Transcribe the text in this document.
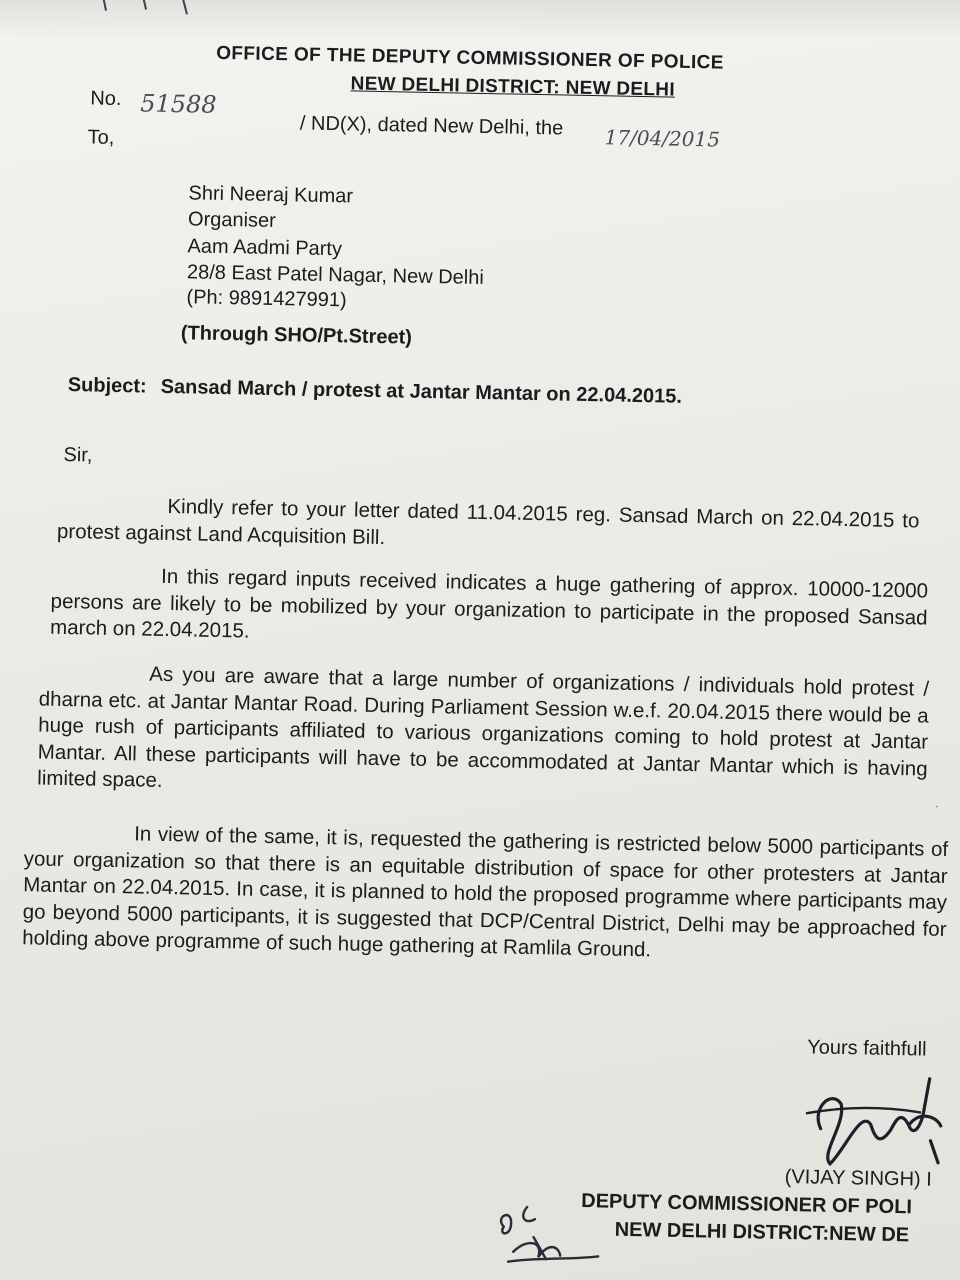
OFFICE OF THE DEPUTY COMMISSIONER OF POLICE
NEW DELHI DISTRICT: NEW DELHI
No. 51588
/ ND(X), dated New Delhi, the 17/04/2015
To,
Shri Neeraj Kumar
Organiser
Aam Aadmi Party
28/8 East Patel Nagar, New Delhi
(Ph: 9891427991)
(Through SHO/Pt.Street)
Subject: Sansad March / protest at Jantar Mantar on 22.04.2015.
Sir,
Kindly refer to your letter dated 11.04.2015 reg. Sansad March on 22.04.2015 to protest against Land Acquisition Bill.
In this regard inputs received indicates a huge gathering of approx. 10000-12000 persons are likely to be mobilized by your organization to participate in the proposed Sansad march on 22.04.2015.
As you are aware that a large number of organizations / individuals hold protest / dharna etc. at Jantar Mantar Road. During Parliament Session w.e.f. 20.04.2015 there would be a huge rush of participants affiliated to various organizations coming to hold protest at Jantar Mantar. All these participants will have to be accommodated at Jantar Mantar which is having limited space.
In view of the same, it is, requested the gathering is restricted below 5000 participants of your organization so that there is an equitable distribution of space for other protesters at Jantar Mantar on 22.04.2015. In case, it is planned to hold the proposed programme where participants may go beyond 5000 participants, it is suggested that DCP/Central District, Delhi may be approached for holding above programme of such huge gathering at Ramlila Ground.
Yours faithfull
(VIJAY SINGH) I
DEPUTY COMMISSIONER OF POLI
NEW DELHI DISTRICT:NEW DE
·
